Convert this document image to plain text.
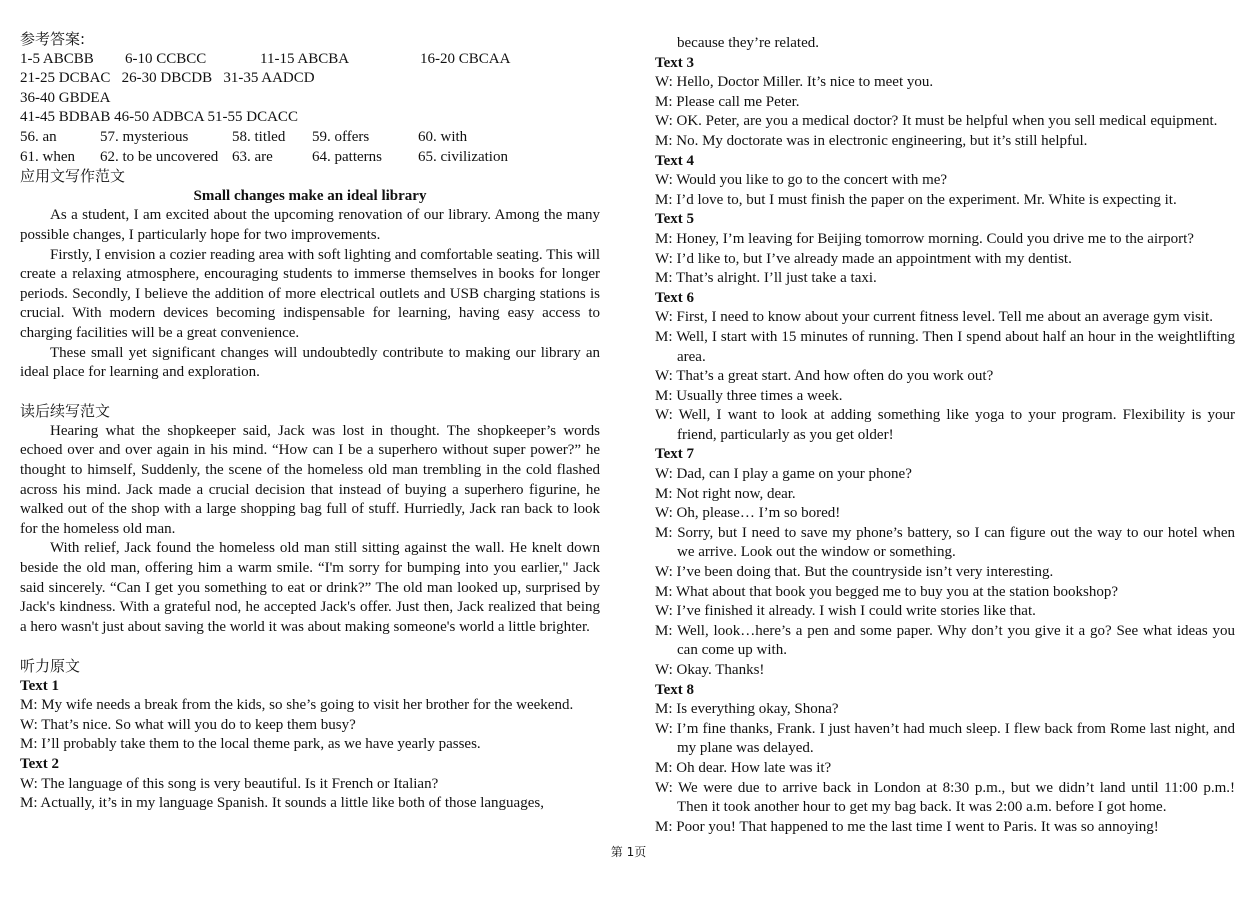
参考答案:
1-5 ABCBB	6-10 CCBCC	11-15 ABCBA	16-20 CBCAA
21-25 DCBAC   26-30 DBCDB   31-35 AADCD
36-40 GBDEA
41-45 BDBAB 46-50 ADBCA 51-55 DCACC
56. an	57. mysterious	58. titled	59. offers	60. with
61. when	62. to be uncovered 63. are	64. patterns	65. civilization
应用文写作范文
Small changes make an ideal library

As a student, I am excited about the upcoming renovation of our library. Among the many possible changes, I particularly hope for two improvements.

Firstly, I envision a cozier reading area with soft lighting and comfortable seating. This will create a relaxing atmosphere, encouraging students to immerse themselves in books for longer periods. Secondly, I believe the addition of more electrical outlets and USB charging stations is crucial. With modern devices becoming indispensable for learning, having easy access to charging facilities will be a great convenience.

These small yet significant changes will undoubtedly contribute to making our library an ideal place for learning and exploration.

读后续写范文

Hearing what the shopkeeper said, Jack was lost in thought. The shopkeeper’s words echoed over and over again in his mind. “How can I be a superhero without super power?” he thought to himself, Suddenly, the scene of the homeless old man trembling in the cold flashed across his mind. Jack made a crucial decision that instead of buying a superhero figurine, he walked out of the shop with a large shopping bag full of stuff. Hurriedly, Jack ran back to look for the homeless old man.

With relief, Jack found the homeless old man still sitting against the wall. He knelt down beside the old man, offering him a warm smile. “I'm sorry for bumping into you earlier," Jack said sincerely. “Can I get you something to eat or drink?” The old man looked up, surprised by Jack's kindness. With a grateful nod, he accepted Jack's offer. Just then, Jack realized that being a hero wasn't just about saving the world it was about making someone's world a little brighter.

听力原文
Text 1
M: My wife needs a break from the kids, so she’s going to visit her brother for the weekend.
W: That’s nice. So what will you do to keep them busy?
M: I’ll probably take them to the local theme park, as we have yearly passes.
Text 2
W: The language of this song is very beautiful. Is it French or Italian?
M: Actually, it’s in my language Spanish. It sounds a little like both of those languages,
because they’re related.
Text 3
W: Hello, Doctor Miller. It’s nice to meet you.
M: Please call me Peter.
W: OK. Peter, are you a medical doctor? It must be helpful when you sell medical equipment.
M: No. My doctorate was in electronic engineering, but it’s still helpful.
Text 4
W: Would you like to go to the concert with me?
M: I’d love to, but I must finish the paper on the experiment. Mr. White is expecting it.
Text 5
M: Honey, I’m leaving for Beijing tomorrow morning. Could you drive me to the airport?
W: I’d like to, but I’ve already made an appointment with my dentist.
M: That’s alright. I’ll just take a taxi.
Text 6
W: First, I need to know about your current fitness level. Tell me about an average gym visit.
M: Well, I start with 15 minutes of running. Then I spend about half an hour in the weightlifting area.
W: That’s a great start. And how often do you work out?
M: Usually three times a week.
W: Well, I want to look at adding something like yoga to your program. Flexibility is your friend, particularly as you get older!
Text 7
W: Dad, can I play a game on your phone?
M: Not right now, dear.
W: Oh, please… I’m so bored!
M: Sorry, but I need to save my phone’s battery, so I can figure out the way to our hotel when we arrive. Look out the window or something.
W: I’ve been doing that. But the countryside isn’t very interesting.
M: What about that book you begged me to buy you at the station bookshop?
W: I’ve finished it already. I wish I could write stories like that.
M: Well, look…here’s a pen and some paper. Why don’t you give it a go? See what ideas you can come up with.
W: Okay. Thanks!
Text 8
M: Is everything okay, Shona?
W: I’m fine thanks, Frank. I just haven’t had much sleep. I flew back from Rome last night, and my plane was delayed.
M: Oh dear. How late was it?
W: We were due to arrive back in London at 8:30 p.m., but we didn’t land until 11:00 p.m.! Then it took another hour to get my bag back. It was 2:00 a.m. before I got home.
M: Poor you! That happened to me the last time I went to Paris. It was so annoying!
第 1页
